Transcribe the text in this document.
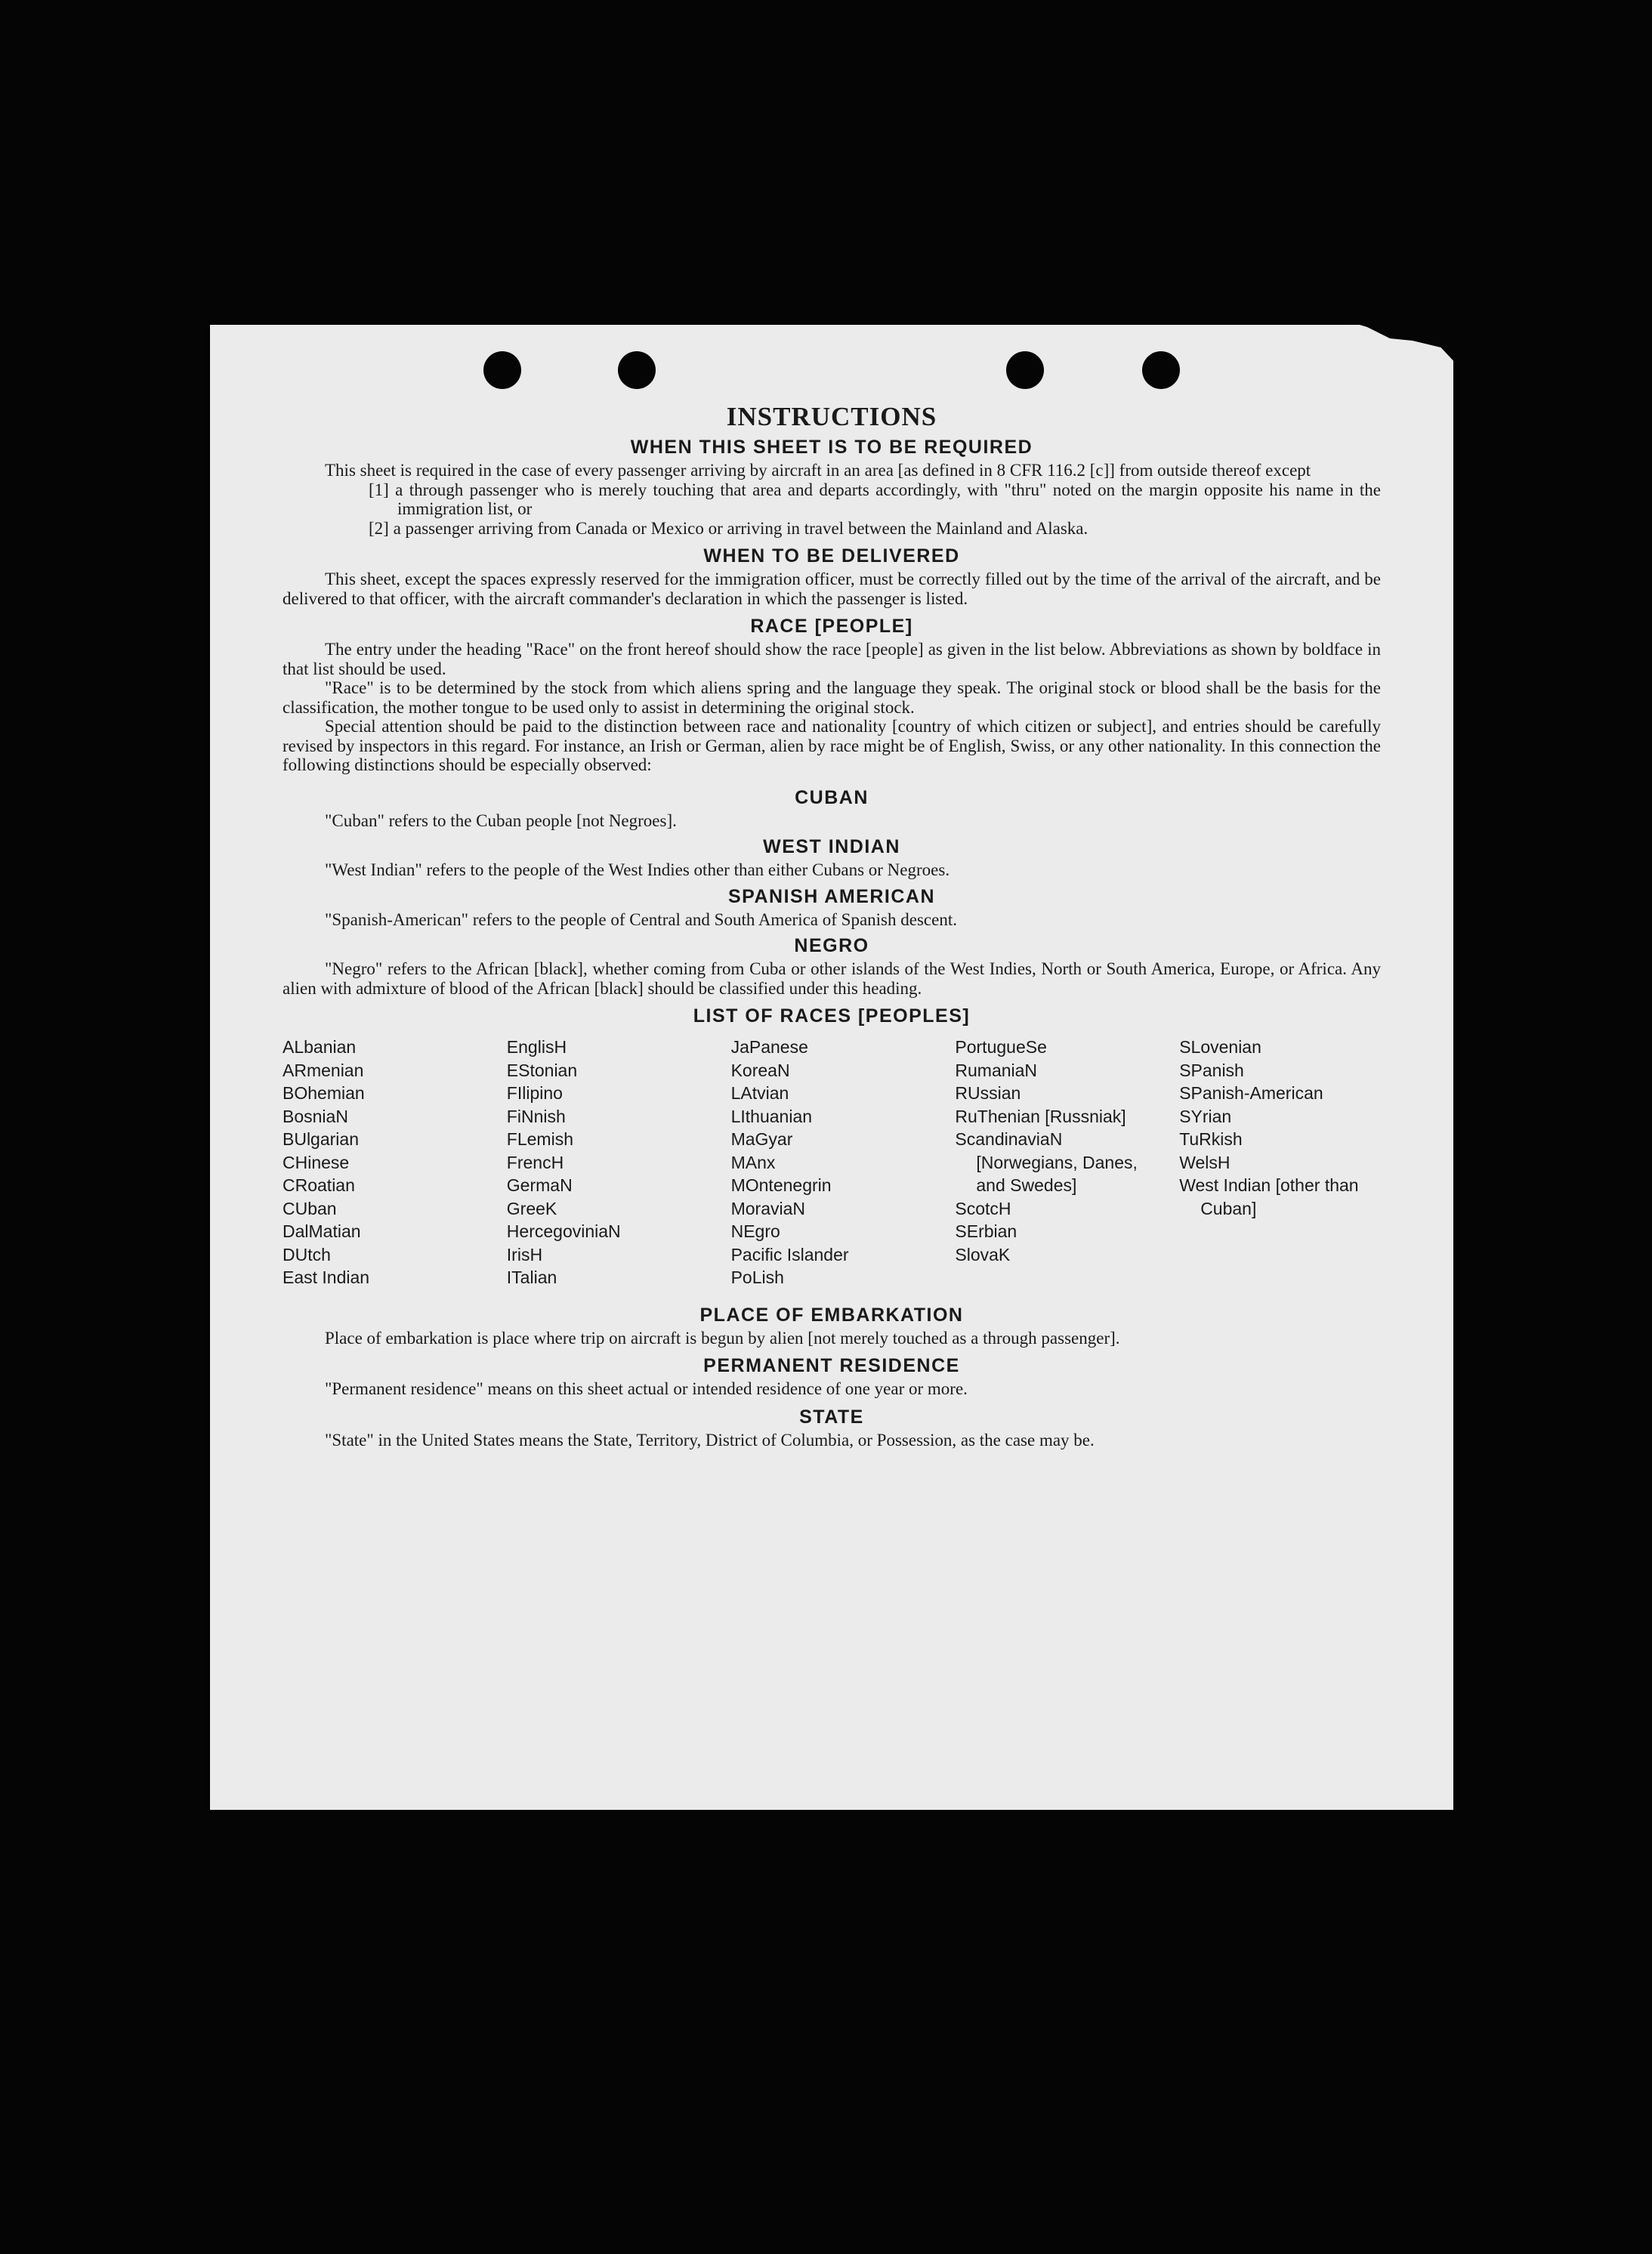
INSTRUCTIONS
WHEN THIS SHEET IS TO BE REQUIRED

This sheet is required in the case of every passenger arriving by aircraft in an area [as defined in 8 CFR 116.2 [c]] from outside thereof except

[1] a through passenger who is merely touching that area and departs accordingly, with "thru" noted on the margin opposite his name in the immigration list, or
[2] a passenger arriving from Canada or Mexico or arriving in travel between the Mainland and Alaska.
WHEN TO BE DELIVERED

This sheet, except the spaces expressly reserved for the immigration officer, must be correctly filled out by the time of the arrival of the aircraft, and be delivered to that officer, with the aircraft commander's declaration in which the passenger is listed.

RACE [PEOPLE]

The entry under the heading "Race" on the front hereof should show the race [people] as given in the list below. Abbreviations as shown by boldface in that list should be used.

"Race" is to be determined by the stock from which aliens spring and the language they speak. The original stock or blood shall be the basis for the classification, the mother tongue to be used only to assist in determining the original stock.

Special attention should be paid to the distinction between race and nationality [country of which citizen or subject], and entries should be carefully revised by inspectors in this regard. For instance, an Irish or German, alien by race might be of English, Swiss, or any other nationality. In this connection the following distinctions should be especially observed:

CUBAN

"Cuban" refers to the Cuban people [not Negroes].

WEST INDIAN

"West Indian" refers to the people of the West Indies other than either Cubans or Negroes.

SPANISH AMERICAN

"Spanish-American" refers to the people of Central and South America of Spanish descent.

NEGRO

"Negro" refers to the African [black], whether coming from Cuba or other islands of the West Indies, North or South America, Europe, or Africa. Any alien with admixture of blood of the African [black] should be classified under this heading.

LIST OF RACES [PEOPLES]
ALbanian
ARmenian
BOhemian
BosniaN
BUlgarian
CHinese
CRoatian
CUban
DalMatian
DUtch
East Indian
EnglisH
EStonian
FIlipino
FiNnish
FLemish
FrencH
GermaN
GreeK
HercegoviniaN
IrisH
ITalian
JaPanese
KoreaN
LAtvian
LIthuanian
MaGyar
MAnx
MOntenegrin
MoraviaN
NEgro
Pacific Islander
PoLish
PortugueSe
RumaniaN
RUssian
RuThenian [Russniak]
ScandinaviaN [Norwegians, Danes, and Swedes]
ScotcH
SErbian
SlovaK
SLovenian
SPanish
SPanish-American
SYrian
TuRkish
WelsH
West Indian [other than Cuban]
PLACE OF EMBARKATION

Place of embarkation is place where trip on aircraft is begun by alien [not merely touched as a through passenger].

PERMANENT RESIDENCE

"Permanent residence" means on this sheet actual or intended residence of one year or more.

STATE

"State" in the United States means the State, Territory, District of Columbia, or Possession, as the case may be.
